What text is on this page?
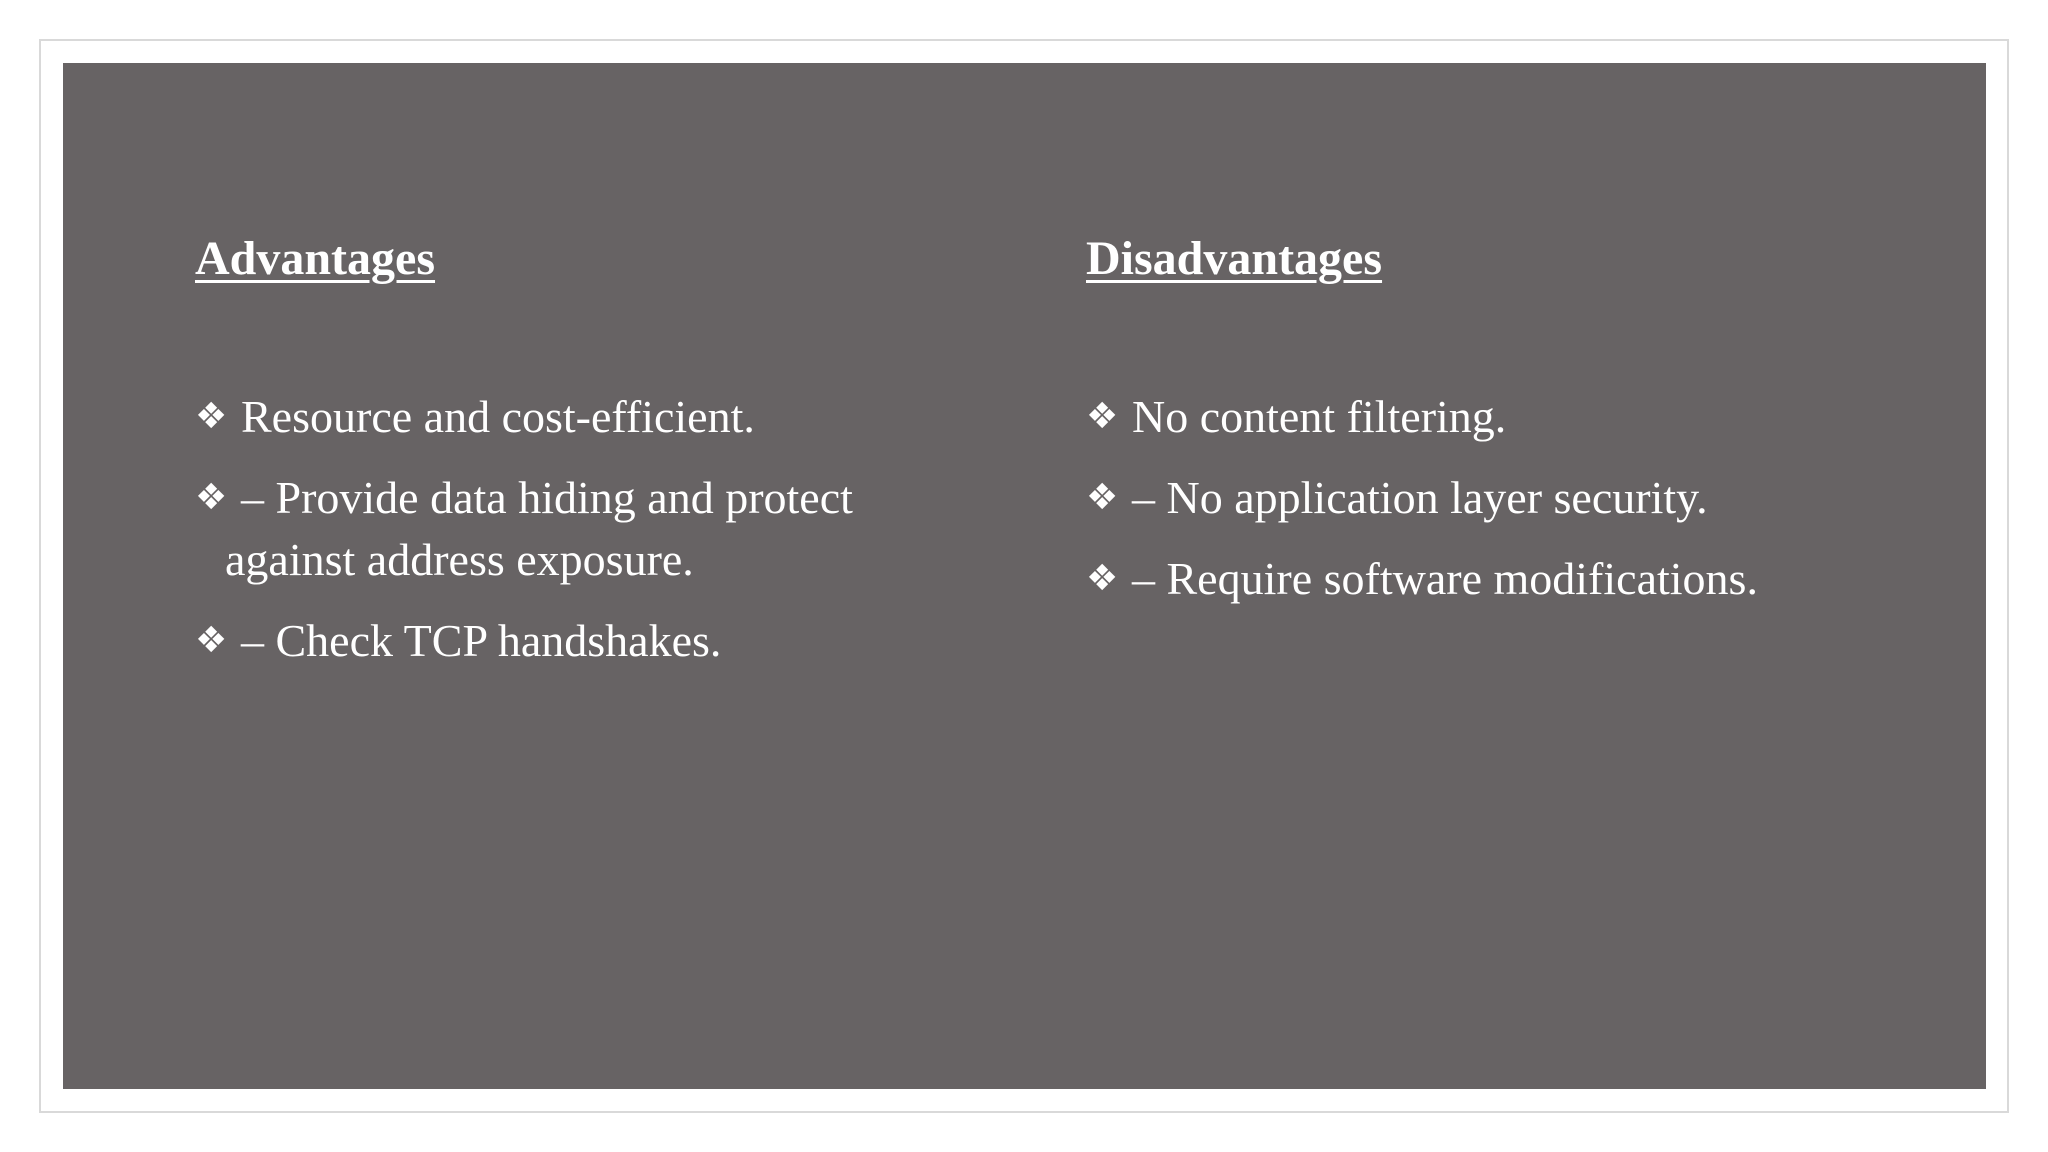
Advantages
❖ Resource and cost-efficient.
❖ – Provide data hiding and protect against address exposure.
❖ – Check TCP handshakes.
Disadvantages
❖ No content filtering.
❖ – No application layer security.
❖ – Require software modifications.
